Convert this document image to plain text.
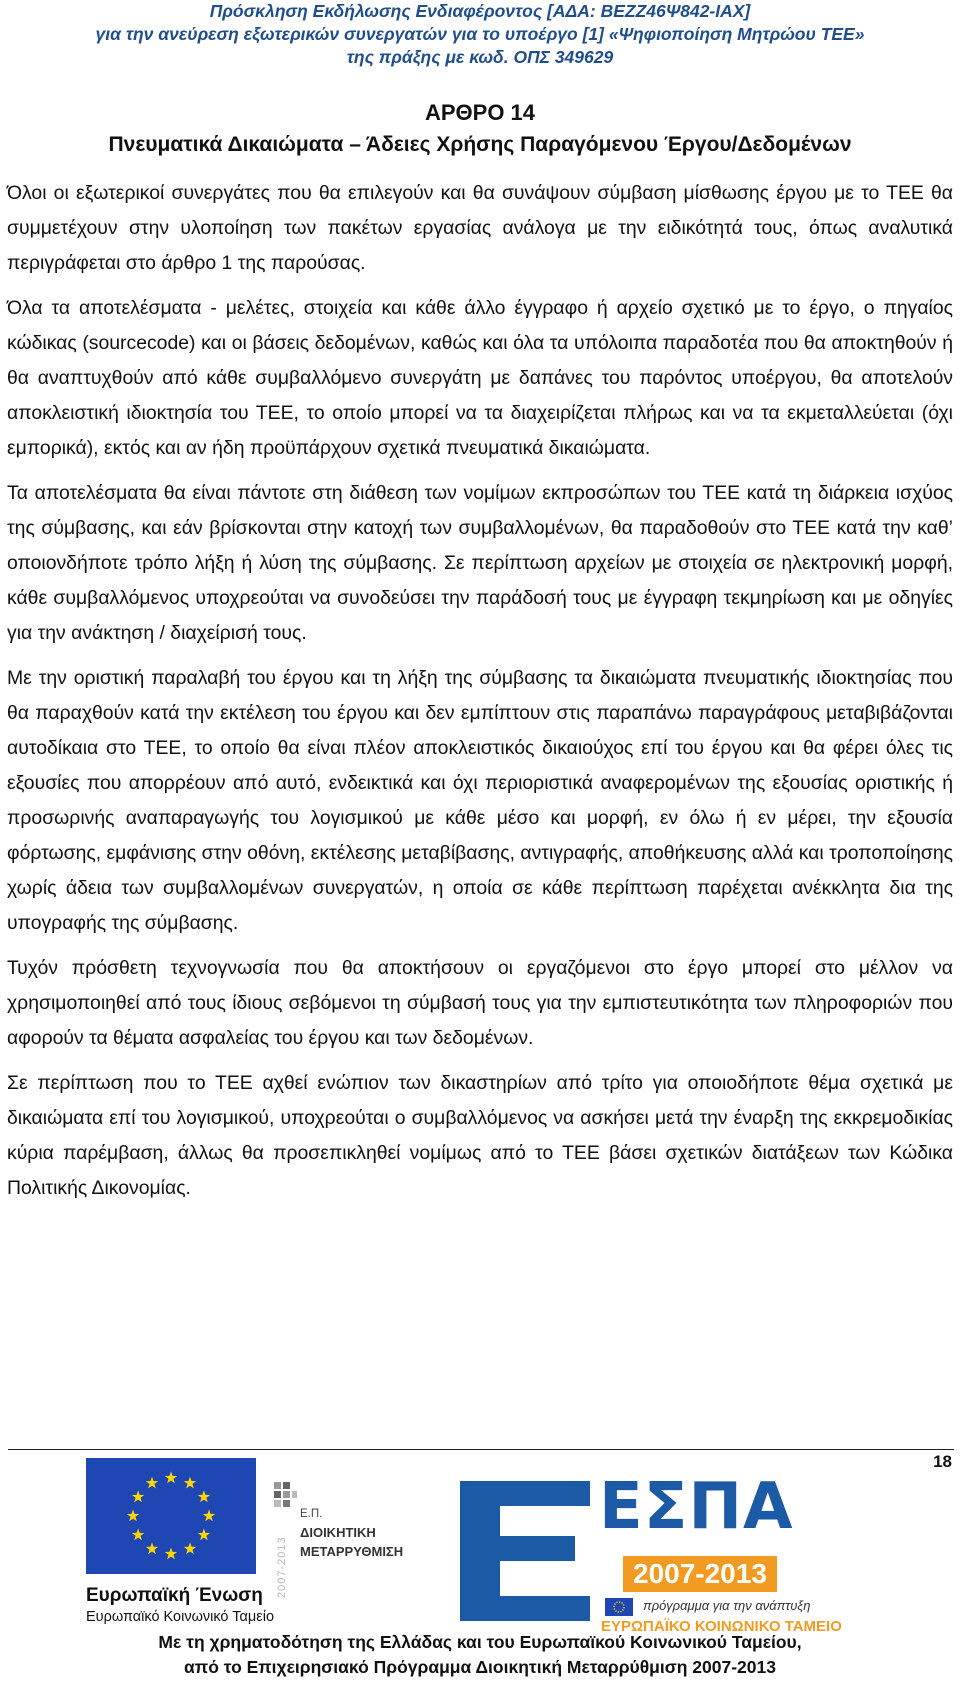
Πρόσκληση Εκδήλωσης Ενδιαφέροντος [ΑΔΑ: ΒΕΖΖ46Ψ842-ΙΑΧ]
για την ανεύρεση εξωτερικών συνεργατών για το υποέργο [1] «Ψηφιοποίηση Μητρώου ΤΕΕ»
της πράξης με κωδ. ΟΠΣ 349629
ΑΡΘΡΟ 14
Πνευματικά Δικαιώματα – Άδειες Χρήσης Παραγόμενου Έργου/Δεδομένων

Όλοι οι εξωτερικοί συνεργάτες που θα επιλεγούν και θα συνάψουν σύμβαση μίσθωσης έργου με το ΤΕΕ θα συμμετέχουν στην υλοποίηση των πακέτων εργασίας ανάλογα με την ειδικότητά τους, όπως αναλυτικά περιγράφεται στο άρθρο 1 της παρούσας.

Όλα τα αποτελέσματα - μελέτες, στοιχεία και κάθε άλλο έγγραφο ή αρχείο σχετικό με το έργο, ο πηγαίος κώδικας (sourcecode) και οι βάσεις δεδομένων, καθώς και όλα τα υπόλοιπα παραδοτέα που θα αποκτηθούν ή θα αναπτυχθούν από κάθε συμβαλλόμενο συνεργάτη με δαπάνες του παρόντος υποέργου, θα αποτελούν αποκλειστική ιδιοκτησία του ΤΕΕ, το οποίο μπορεί να τα διαχειρίζεται πλήρως και να τα εκμεταλλεύεται (όχι εμπορικά), εκτός και αν ήδη προϋπάρχουν σχετικά πνευματικά δικαιώματα.

Τα αποτελέσματα θα είναι πάντοτε στη διάθεση των νομίμων εκπροσώπων του ΤΕΕ κατά τη διάρκεια ισχύος της σύμβασης, και εάν βρίσκονται στην κατοχή των συμβαλλομένων, θα παραδοθούν στο ΤΕΕ κατά την καθ’ οποιονδήποτε τρόπο λήξη ή λύση της σύμβασης. Σε περίπτωση αρχείων με στοιχεία σε ηλεκτρονική μορφή, κάθε συμβαλλόμενος υποχρεούται να συνοδεύσει την παράδοσή τους με έγγραφη τεκμηρίωση και με οδηγίες για την ανάκτηση / διαχείρισή τους.

Με την οριστική παραλαβή του έργου και τη λήξη της σύμβασης τα δικαιώματα πνευματικής ιδιοκτησίας που θα παραχθούν κατά την εκτέλεση του έργου και δεν εμπίπτουν στις παραπάνω παραγράφους μεταβιβάζονται αυτοδίκαια στο ΤΕΕ, το οποίο θα είναι πλέον αποκλειστικός δικαιούχος επί του έργου και θα φέρει όλες τις εξουσίες που απορρέουν από αυτό, ενδεικτικά και όχι περιοριστικά αναφερομένων της εξουσίας οριστικής ή προσωρινής αναπαραγωγής του λογισμικού με κάθε μέσο και μορφή, εν όλω ή εν μέρει, την εξουσία φόρτωσης, εμφάνισης στην οθόνη, εκτέλεσης μεταβίβασης, αντιγραφής, αποθήκευσης αλλά και τροποποίησης χωρίς άδεια των συμβαλλομένων συνεργατών, η οποία σε κάθε περίπτωση παρέχεται ανέκκλητα δια της υπογραφής της σύμβασης.

Τυχόν πρόσθετη τεχνογνωσία που θα αποκτήσουν οι εργαζόμενοι στο έργο μπορεί στο μέλλον να χρησιμοποιηθεί από τους ίδιους σεβόμενοι τη σύμβασή τους για την εμπιστευτικότητα των πληροφοριών που αφορούν τα θέματα ασφαλείας του έργου και των δεδομένων.

Σε περίπτωση που το ΤΕΕ αχθεί ενώπιον των δικαστηρίων από τρίτο για οποιοδήποτε θέμα σχετικά με δικαιώματα επί του λογισμικού, υποχρεούται ο συμβαλλόμενος να ασκήσει μετά την έναρξη της εκκρεμοδικίας κύρια παρέμβαση, άλλως θα προσεπικληθεί νομίμως από το ΤΕΕ βάσει σχετικών διατάξεων των Κώδικα Πολιτικής Δικονομίας.

18
Ευρωπαϊκή Ένωση
Ευρωπαϊκό Κοινωνικό Ταμείο
2007-2013
Ε.Π.
ΔΙΟΙΚΗΤΙΚΗ
ΜΕΤΑΡΡΥΘΜΙΣΗ
ΕΣΠΑ
2007-2013
πρόγραμμα για την ανάπτυξη
ΕΥΡΩΠΑΪΚΟ ΚΟΙΝΩΝΙΚΟ ΤΑΜΕΙΟ
Με τη χρηματοδότηση της Ελλάδας και του Ευρωπαϊκού Κοινωνικού Ταμείου,
από το Επιχειρησιακό Πρόγραμμα Διοικητική Μεταρρύθμιση 2007-2013
